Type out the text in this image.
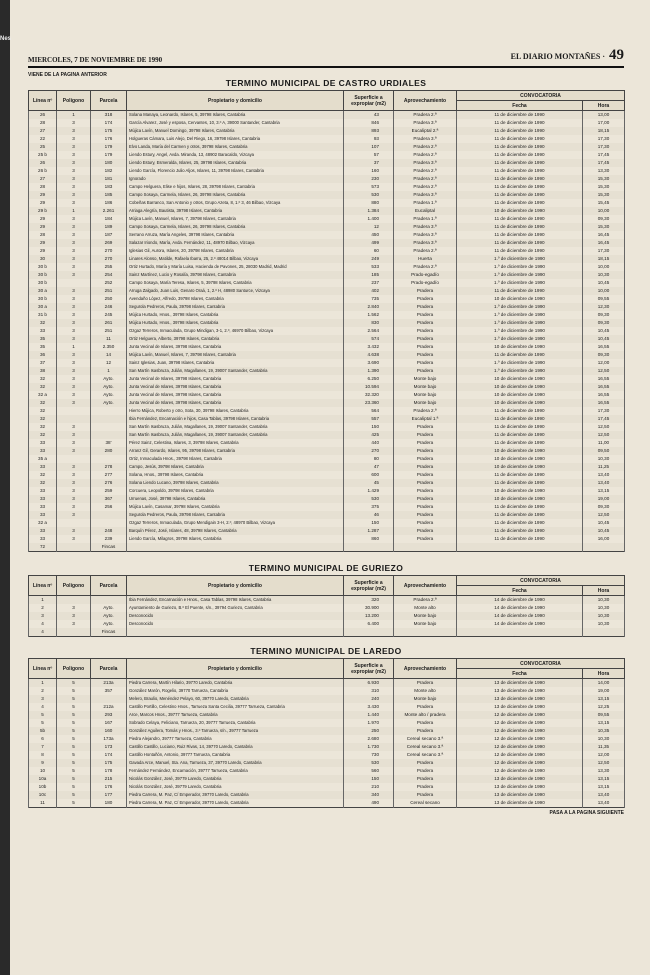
Nes
MIERCOLES, 7 DE NOVIEMBRE DE 1990	EL DIARIO MONTAÑES · 49
VIENE DE LA PAGINA ANTERIOR
TERMINO MUNICIPAL DE CASTRO URDIALES
Línea nº	Polígono	Parcela	Propietario y domicilio	Superficie a expropiar (m2)	Aprovechamiento	CONVOCATORIA	
						Fecha	Hora
26	1	318	Solana Manaya, Leonardo, Islares, 5, 39798 Islares, Cantabria	43	Pradera 2.ª	11 de diciembre de 1990	13,00
28	3	174	García Alvarez, José y esposa, Cervantes, 10, 3.º A, 39000 Santander, Cantabria	846	Pradera 3.ª	11 de diciembre de 1990	17,00
27	3	175	Mújica Lavín, Manuel Domingo, 39798 Islares, Cantabria	893	Eucaliptal 2.ª	11 de diciembre de 1990	18,15
22	3	176	Holgueras Cámara, Luis Alejo, Del Riego, 16, 39798 Islares, Cantabria	93	Pradera 3.ª	11 de diciembre de 1990	17,30
25	3	179	Elvo Landa, María del Carmen y otros, 39798 Islares, Cantabria	107	Pradera 2.ª	11 de diciembre de 1990	17,30
25 b	3	179	Liendo Estury, Angel, Avda. Miranda, 13, 48902 Baracaldo, Vizcaya	57	Pradera 2.ª	11 de diciembre de 1990	17,45
26	3	180	Liendo Estury, Esmeralda, Islares, 25, 39798 Islares, Cantabria	37	Pradera 3.ª	11 de diciembre de 1990	17,45
26 b	3	182	Liendo García, Florencio Julio Aljos, Islares, 11, 39798 Islares, Cantabria	160	Pradera 2.ª	11 de diciembre de 1990	13,30
27	3	181	Ignorado	230	Pradera 2.ª	11 de diciembre de 1990	15,30
28	3	183	Campo Helguera, Elise e hijos, Islares, 28, 39798 Islares, Cantabria	573	Pradera 2.ª	11 de diciembre de 1990	15,30
29	3	185	Campo Sosaya, Carmela, Islares, 26, 39798 Islares, Cantabria	530	Pradera 3.ª	11 de diciembre de 1990	15,30
29	3	186	Cobeñas Barranco, San Antonio y otros, Grupo Azeta, 8, 1.º 3, 46 Bilbao, Vizcaya	880	Pradera 1.ª	11 de diciembre de 1990	15,45
29 b	1	2.261	Arriaga Alegría, Bautista, 39798 Islares, Cantabria	1.384	Eucaliptal	10 de diciembre de 1990	10,00
29	3	184	Mújica Lavín, Manuel, Islares, 7, 39798 Islares, Cantabria	1.400	Pradera 1.ª	11 de diciembre de 1990	09,30
29	3	189	Campo Sosaya, Carmela, Islares, 26, 39798 Islares, Cantabria	12	Pradera 3.ª	11 de diciembre de 1990	15,30
28	3	187	Serrano Arruza, María Angeles, 39798 Islares, Cantabria	450	Pradera 3.ª	11 de diciembre de 1990	16,45
29	3	269	Salazar Iriondo, María, Avda. Fernández, 11, 48970 Bilbao, Vizcaya	499	Pradera 3.ª	11 de diciembre de 1990	16,45
29	3	270	Iglesias Gil, Aurora, Islares, 20, 39798 Islares, Cantabria	60	Pradera 2.ª	11 de diciembre de 1990	17,30
30	3	270	Linares Alonso, Matilde, Rafaela Ibarra, 25, 2.º 48014 Bilbao, Vizcaya	249	Huerta	1.º de diciembre de 1990	18,15
30 b	3	255	Ortiz Hurtado, María y María Luisa, Hacienda de Pavones, 25, 28030 Madrid, Madrid	533	Pradera 2.ª	1.º de diciembre de 1990	10,00
30 b	3	254	Sainz Martínez, Lucio y Rosalía, 39798 Islares, Cantabria	185	Prado-egadío	1.º de diciembre de 1990	10,30
30 b		252	Campo Sosaya, María Teresa, Islares, 5, 39798 Islares, Cantabria	237	Prado-egadío	1.º de diciembre de 1990	10,45
30 a	3	251	Arruga Zalgado, Juan Luis, Genaro Oraá, 1, 2.º H, 48980 Santurce, Vizcaya	402	Pradera	11 de diciembre de 1990	10,00
30 b	3	250	Avendaño López, Alfredo, 39798 Islares, Cantabria	735	Pradera	10 de diciembre de 1990	09,55
30 a	3	246	Segurola Pedreros, Paula, 39798 Islares, Cantabria	2.840	Pradera	1.º de diciembre de 1990	12,30
31 b	3	245	Mújica Hurtado, Hnos., 39798 Islares, Cantabria	1.562	Pradera	1.º de diciembre de 1990	09,30
32	3	261	Mújica Hurtado, Hnos., 39798 Islares, Cantabria	830	Pradera	1.º de diciembre de 1990	09,30
33	3	251	Ozgaz Terreros, Inmaculada, Grupo Mindigan, 3-1, 2.º, 46970 Bilbao, Vizcaya	2.564	Pradera	1.º de diciembre de 1990	10,45
35	3	11	Ortiz Helguera, Alberto, 39798 Islares, Cantabria	574	Pradera	1.º de diciembre de 1990	10,45
35	1	2.350	Junta Vecinal de Islares, 39798 Islares, Cantabria	3.432	Pradera	10 de diciembre de 1990	16,55
36	3	14	Mújica Lavín, Manuel, Islares, 7, 39798 Islares, Cantabria	4.638	Pradera	11 de diciembre de 1990	09,30
37	3	12	Sainz Iglesias, Juan, 39798 Islares, Cantabria	3.690	Pradera	1.º de diciembre de 1990	12,00
38	3	1	San Martín Isasbruza, Julián, Magallanes, 19, 39007 Santander, Cantabria	1.390	Pradera	1.º de diciembre de 1990	12,50
32	3	Ayto.	Junta Vecinal de Islares, 39798 Islares, Cantabria	6.250	Monte bajo	10 de diciembre de 1990	16,55
32	3	Ayto.	Junta Vecinal de Islares, 39798 Islares, Cantabria	10.594	Monte bajo	10 de diciembre de 1990	16,55
32 a	3	Ayto.	Junta Vecinal de Islares, 39798 Islares, Cantabria	32.320	Monte bajo	10 de diciembre de 1990	16,55
32	3	Ayto.	Junta Vecinal de Islares, 39798 Islares, Cantabria	23.360	Monte bajo	10 de diciembre de 1990	16,55
32			Hierro Mújica, Roberto y otro, Sota, 30, 39798 Islares, Cantabria	564	Pradera 2.ª	11 de diciembre de 1990	17,30
32			Ibia Fernández, Encarnación e hijos, Casa Tablas, 39798 Islares, Cantabria	557	Eucaliptal 1.ª	11 de diciembre de 1990	17,45
32	3		San Martín Isasbruza, Julián, Magallanes, 19, 39007 Santander, Cantabria	150	Pradera	11 de diciembre de 1990	12,50
32	3		San Martín Isasbruza, Julián, Magallanes, 19, 39007 Santander, Cantabria	425	Pradera	11 de diciembre de 1990	12,50
33	3	38'	Pérez Sainz, Celestina, Islares, 3, 39798 Islares, Cantabria	440	Pradera	11 de diciembre de 1990	11,00
33	3	280	Arranz Gil, Gerardo, Islares, 95, 39798 Islares, Cantabria	270	Pradera	10 de diciembre de 1990	09,50
35 a			Ortiz, Inmaculada Hnos., 39798 Islares, Cantabria	80	Pradera	10 de diciembre de 1990	10,30
33	3	278	Campo, Jesús, 39798 Islares, Cantabria	47	Pradera	10 de diciembre de 1990	11,25
32	3	277	Solana, Hnos., 39798 Islares, Cantabria	600	Pradera	11 de diciembre de 1990	13,40
32	3	276	Solana Liendo Lucano, 39798 Islares, Cantabria	45	Pradera	11 de diciembre de 1990	13,40
33	3	259	Corcuera, Leopoldo, 39798 Islares, Cantabria	1.429	Pradera	10 de diciembre de 1990	13,15
33	3	367	Urruenas, José, 39798 Islares, Cantabria	530	Pradera	10 de diciembre de 1990	19,00
33	3	256	Mújica Lavín, Casamar, 39798 Islares, Cantabria	375	Pradera	11 de diciembre de 1990	09,30
33	3		Segurola Pedreros, Paula, 39798 Islares, Cantabria	46	Pradera	11 de diciembre de 1990	12,50
32 a			Ozgaz Terreros, Inmaculada, Grupo Mendigain 3-H, 2.º, 48970 Bilbao, Vizcaya	150	Pradera	11 de diciembre de 1990	10,45
33	3	248	Barquín Pérez, José, Islares, 48, 39798 Islares, Cantabria	1.287	Pradera	11 de diciembre de 1990	10,45
33	3	239	Liendo García, Milagros, 39798 Islares, Cantabria	860	Pradera	11 de diciembre de 1990	16,00
72		Fincas					
TERMINO MUNICIPAL DE GURIEZO
Línea nº	Polígono	Parcela	Propietario y domicilio	Superficie a expropiar (m2)	Aprovechamiento	CONVOCATORIA	
						Fecha	Hora
1			Ibia Fernández, Encarnación e Hnos., Casa Tablas, 39798 Islares, Cantabria	320	Pradera 2.ª	14 de diciembre de 1990	10,30
2	3	Ayto.	Ayuntamiento de Guriezo, B.º El Puente, s/n., 39794 Guriezo, Cantabria	30.900	Monte alto	14 de diciembre de 1990	10,30
3	3	Ayto.	Desconocido	13.200	Monte bajo	14 de diciembre de 1990	10,30
4	3	Ayto.	Desconocido	6.400	Monte bajo	14 de diciembre de 1990	10,30
4		Fincas					
TERMINO MUNICIPAL DE LAREDO
Línea nº	Polígono	Parcela	Propietario y domicilio	Superficie a expropiar (m2)	Aprovechamiento	CONVOCATORIA	
						Fecha	Hora
1	5	213a	Piedra Carrera, Martín Hilario, 39770 Laredo, Cantabria	6.930	Pradera	13 de diciembre de 1990	14,00
2	5	357	González Marón, Rogelio, 39770 Tarrueza, Cantabria	310	Monte alto	13 de diciembre de 1990	19,00
3	5		Melero, Braulio, Menéndez Pelayo, 60, 39770 Laredo, Cantabria	240	Monte bajo	13 de diciembre de 1990	13,15
4	5	212a	Castillo Portillo, Celestino Hnos., Tarrueza Santa Cecilia, 39777 Tarrueza, Cantabria	3.430	Pradera	13 de diciembre de 1990	12,25
5	5	293	Arce, Marcos Hnos., 39777 Tarrueza, Cantabria	1.440	Monte alto / pradera	12 de diciembre de 1990	09,55
5	5	167	Sobrado Celaya, Feliciano, Tarrueza, 20, 39777 Tarrueza, Cantabria	1.970	Pradera	12 de diciembre de 1990	13,15
5b	5	160	González Aguilera, Tomás y Hnos., 3.º Tarrueza, s/n., 39777 Tarrueza	250	Pradera	12 de diciembre de 1990	10,35
6	5	173a	Piedra Alejandro, 39777 Tarrueza, Cantabria	2.680	Cereal secano 3.ª	12 de diciembre de 1990	10,30
7	5	173	Castillo Castillo, Luciano, Ruiz Rivas, 14, 39770 Laredo, Cantabria	1.730	Cereal secano 3.ª	12 de diciembre de 1990	11,35
8	5	174	Castillo Hontañón, Antonio, 39777 Tarrueza, Cantabria	730	Cereal secano 3.ª	12 de diciembre de 1990	12,00
9	5	175	Gavada Arce, Manuel, Sta. Ana, Tarrueza, 37, 39770 Laredo, Cantabria	530	Pradera	12 de diciembre de 1990	12,50
10	5	178	Fernández Fernández, Encarnación, 39777 Tarrueza, Cantabria	560	Pradera	12 de diciembre de 1990	13,30
10a	5	215	Nicolás González, José, 39779 Laredo, Cantabria	150	Pradera	13 de diciembre de 1990	13,15
10b	5	176	Nicolás González, José, 39779 Laredo, Cantabria	210	Pradera	13 de diciembre de 1990	13,15
10c	5	177	Piedra Carrera, M. Paz, C/ Emperador, 39770 Laredo, Cantabria	340	Pradera	13 de diciembre de 1990	13,40
11	5	180	Piedra Carrera, M. Paz, C/ Emperador, 39770 Laredo, Cantabria	490	Cereal secano	13 de diciembre de 1990	13,40
PASA A LA PAGINA SIGUIENTE
